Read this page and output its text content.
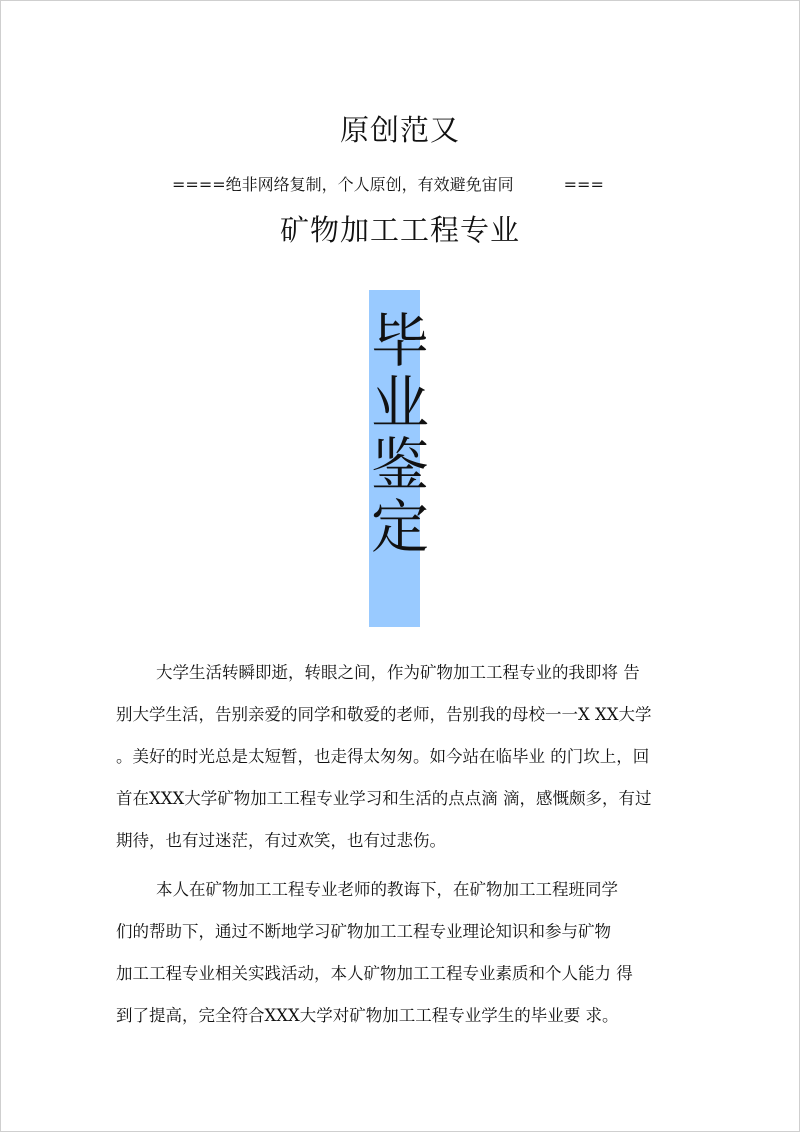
原创范又
====绝非网络复制，个人原创，有效避免宙同	===
矿物加工工程专业
毕业鉴定
大学生活转瞬即逝，转眼之间，作为矿物加工工程专业的我即将 告
别大学生活，告别亲爱的同学和敬爱的老师，告别我的母校一一X XX大学
。美好的时光总是太短暂，也走得太匆匆。如今站在临毕业 的门坎上，回
首在XXX大学矿物加工工程专业学习和生活的点点滴 滴，感慨颇多，有过
期待，也有过迷茫，有过欢笑，也有过悲伤。
本人在矿物加工工程专业老师的教诲下，在矿物加工工程班同学
们的帮助下，通过不断地学习矿物加工工程专业理论知识和参与矿物
加工工程专业相关实践活动，本人矿物加工工程专业素质和个人能力 得
到了提高，完全符合XXX大学对矿物加工工程专业学生的毕业要 求。
